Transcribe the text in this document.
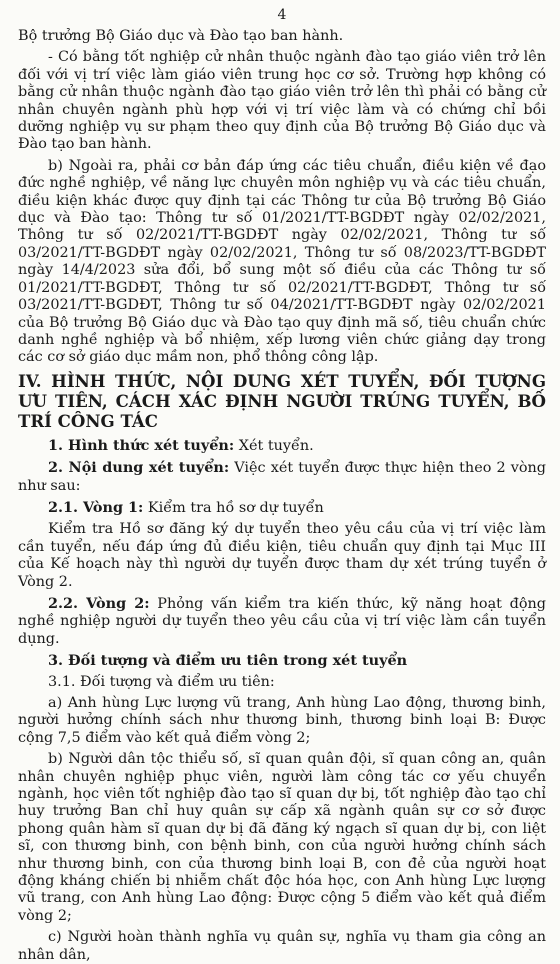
4

Bộ trưởng Bộ Giáo dục và Đào tạo ban hành.

- Có bằng tốt nghiệp cử nhân thuộc ngành đào tạo giáo viên trở lên đối với vị trí việc làm giáo viên trung học cơ sở. Trường hợp không có bằng cử nhân thuộc ngành đào tạo giáo viên trở lên thì phải có bằng cử nhân chuyên ngành phù hợp với vị trí việc làm và có chứng chỉ bồi dưỡng nghiệp vụ sư phạm theo quy định của Bộ trưởng Bộ Giáo dục và Đào tạo ban hành.

b) Ngoài ra, phải cơ bản đáp ứng các tiêu chuẩn, điều kiện về đạo đức nghề nghiệp, về năng lực chuyên môn nghiệp vụ và các tiêu chuẩn, điều kiện khác được quy định tại các Thông tư của Bộ trưởng Bộ Giáo dục và Đào tạo: Thông tư số 01/2021/TT-BGDĐT ngày 02/02/2021, Thông tư số 02/2021/TT-BGDĐT ngày 02/02/2021, Thông tư số 03/2021/TT-BGDĐT ngày 02/02/2021, Thông tư số 08/2023/TT-BGDĐT ngày 14/4/2023 sửa đổi, bổ sung một số điều của các Thông tư số 01/2021/TT-BGDĐT, Thông tư số 02/2021/TT-BGDĐT, Thông tư số 03/2021/TT-BGDĐT, Thông tư số 04/2021/TT-BGDĐT ngày 02/02/2021 của Bộ trưởng Bộ Giáo dục và Đào tạo quy định mã số, tiêu chuẩn chức danh nghề nghiệp và bổ nhiệm, xếp lương viên chức giảng dạy trong các cơ sở giáo dục mầm non, phổ thông công lập.

IV. HÌNH THỨC, NỘI DUNG XÉT TUYỂN, ĐỐI TƯỢNG ƯU TIÊN, CÁCH XÁC ĐỊNH NGƯỜI TRÚNG TUYỂN, BỐ TRÍ CÔNG TÁC

1. Hình thức xét tuyển: Xét tuyển.

2. Nội dung xét tuyển: Việc xét tuyển được thực hiện theo 2 vòng như sau:

2.1. Vòng 1: Kiểm tra hồ sơ dự tuyển

Kiểm tra Hồ sơ đăng ký dự tuyển theo yêu cầu của vị trí việc làm cần tuyển, nếu đáp ứng đủ điều kiện, tiêu chuẩn quy định tại Mục III của Kế hoạch này thì người dự tuyển được tham dự xét trúng tuyển ở Vòng 2.

2.2. Vòng 2: Phỏng vấn kiểm tra kiến thức, kỹ năng hoạt động nghề nghiệp người dự tuyển theo yêu cầu của vị trí việc làm cần tuyển dụng.

3. Đối tượng và điểm ưu tiên trong xét tuyển

3.1. Đối tượng và điểm ưu tiên:

a) Anh hùng Lực lượng vũ trang, Anh hùng Lao động, thương binh, người hưởng chính sách như thương binh, thương binh loại B: Được cộng 7,5 điểm vào kết quả điểm vòng 2;

b) Người dân tộc thiểu số, sĩ quan quân đội, sĩ quan công an, quân nhân chuyên nghiệp phục viên, người làm công tác cơ yếu chuyển ngành, học viên tốt nghiệp đào tạo sĩ quan dự bị, tốt nghiệp đào tạo chỉ huy trưởng Ban chỉ huy quân sự cấp xã ngành quân sự cơ sở được phong quân hàm sĩ quan dự bị đã đăng ký ngạch sĩ quan dự bị, con liệt sĩ, con thương binh, con bệnh binh, con của người hưởng chính sách như thương binh, con của thương binh loại B, con đẻ của người hoạt động kháng chiến bị nhiễm chất độc hóa học, con Anh hùng Lực lượng vũ trang, con Anh hùng Lao động: Được cộng 5 điểm vào kết quả điểm vòng 2;

c) Người hoàn thành nghĩa vụ quân sự, nghĩa vụ tham gia công an nhân dân,
